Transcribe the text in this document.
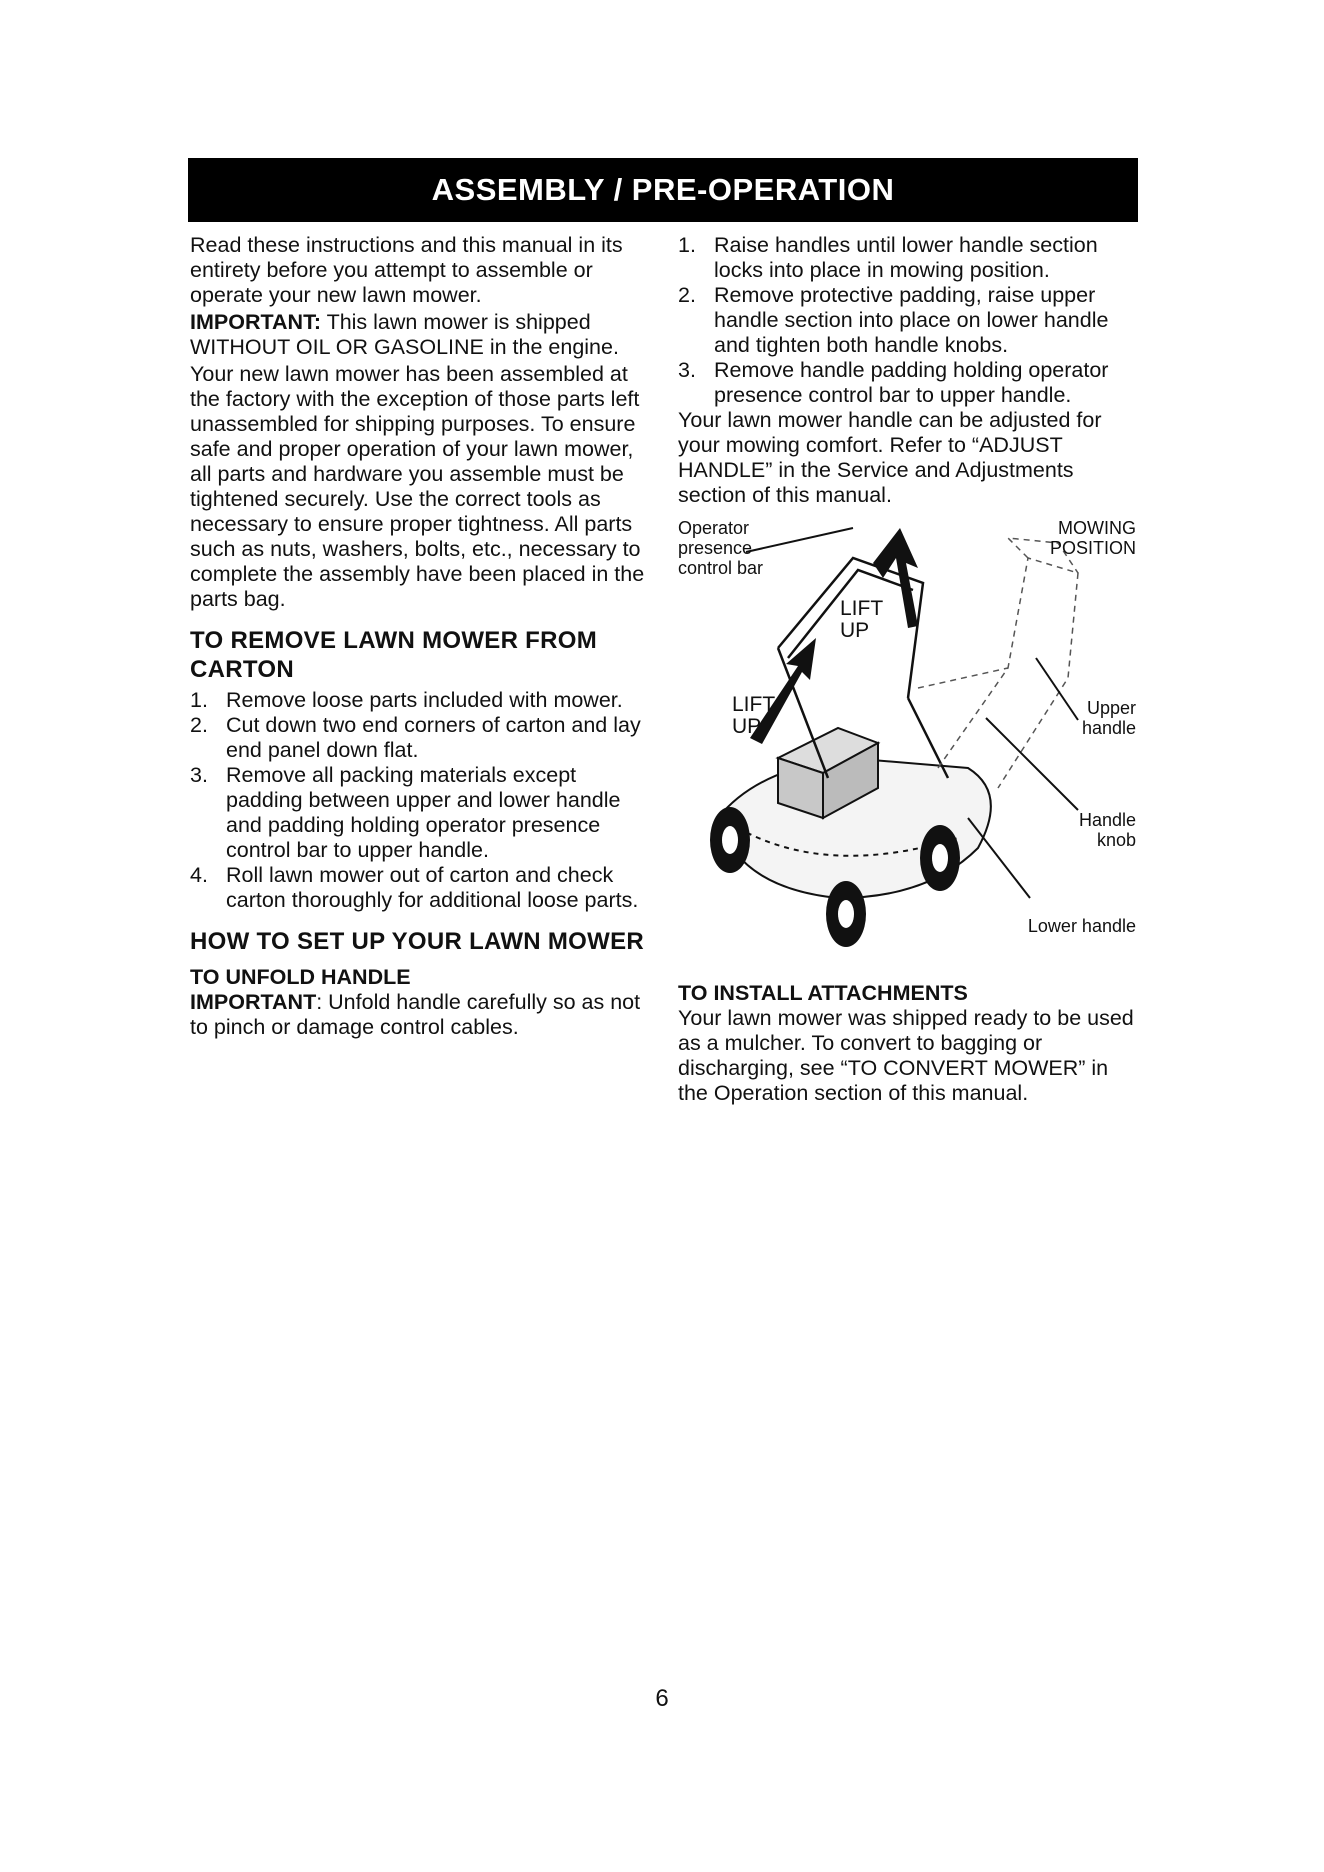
ASSEMBLY / PRE-OPERATION

Read these instructions and this manual in its entirety before you attempt to assemble or operate your new lawn mower.

IMPORTANT: This lawn mower is shipped WITHOUT OIL OR GASOLINE in the engine.

Your new lawn mower has been assembled at the factory with the exception of those parts left unassembled for shipping purposes. To ensure safe and proper operation of your lawn mower, all parts and hardware you assemble must be tightened securely. Use the correct tools as necessary to ensure proper tightness. All parts such as nuts, washers, bolts, etc., necessary to complete the assembly have been placed in the parts bag.

TO REMOVE LAWN MOWER FROM CARTON
1. Remove loose parts included with mower.
2. Cut down two end corners of carton and lay end panel down flat.
3. Remove all packing materials except padding between upper and lower handle and padding holding operator presence control bar to upper handle.
4. Roll lawn mower out of carton and check carton thoroughly for additional loose parts.
HOW TO SET UP YOUR LAWN MOWER
TO UNFOLD HANDLE

IMPORTANT: Unfold handle carefully so as not to pinch or damage control cables.

1. Raise handles until lower handle section locks into place in mowing position.
2. Remove protective padding, raise upper handle section into place on lower handle and tighten both handle knobs.
3. Remove handle padding holding operator presence control bar to upper handle.

Your lawn mower handle can be adjusted for your mowing comfort. Refer to “ADJUST HANDLE” in the Service and Adjustments section of this manual.

Operator presence control bar
MOWING POSITION
LIFT UP
LIFT UP
Upper handle
Handle knob
Lower handle
TO INSTALL ATTACHMENTS

Your lawn mower was shipped ready to be used as a mulcher. To convert to bagging or discharging, see “TO CONVERT MOWER” in the Operation section of this manual.

6
